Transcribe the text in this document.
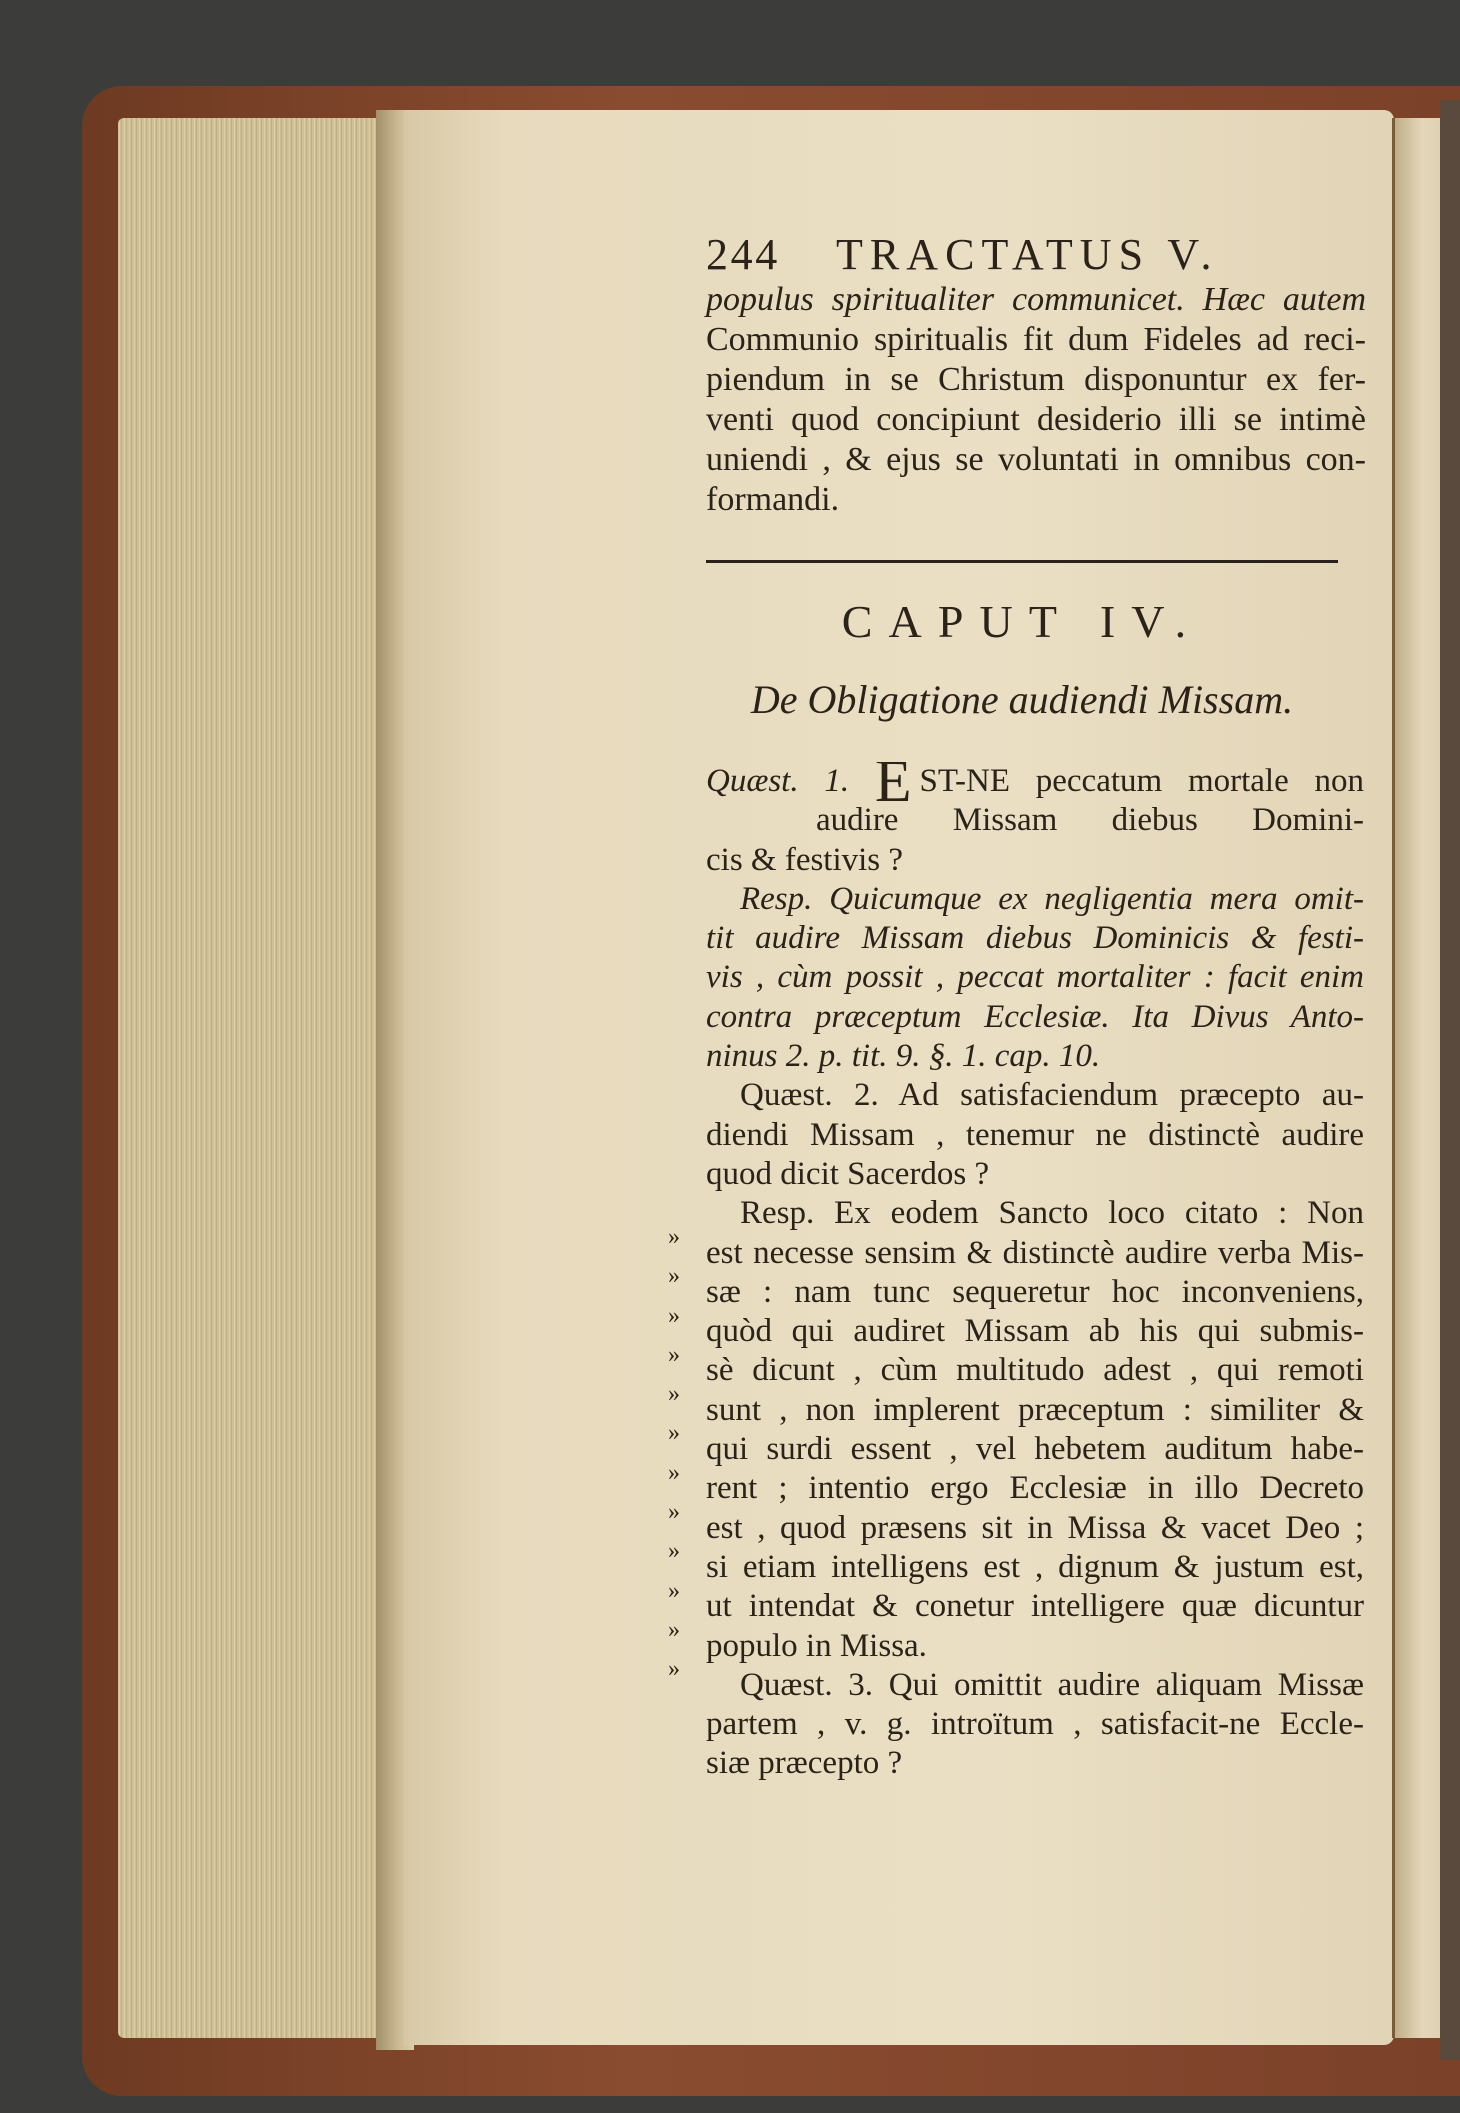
244	TRACTATUS V.
populus spiritualiter communicet. Hæc autem
Communio spiritualis fit dum Fideles ad reci-
piendum in se Christum disponuntur ex fer-
venti quod concipiunt desiderio illi se intimè
uniendi , & ejus se voluntati in omnibus con-
formandi.
CAPUT IV.
De Obligatione audiendi Missam.
Quæst. 1. E ST-NE peccatum mortale non
audire Missam diebus Domini-
cis & festivis ?
Resp. Quicumque ex negligentia mera omit-
tit audire Missam diebus Dominicis & festi-
vis , cùm possit , peccat mortaliter : facit enim
contra præceptum Ecclesiæ. Ita Divus Anto-
ninus 2. p. tit. 9. §. 1. cap. 10.
Quæst. 2. Ad satisfaciendum præcepto au-
diendi Missam , tenemur ne distinctè audire
quod dicit Sacerdos ?
Resp. Ex eodem Sancto loco citato : Non
est necesse sensim & distinctè audire verba Mis-
sæ : nam tunc sequeretur hoc inconveniens,
quòd qui audiret Missam ab his qui submis-
sè dicunt , cùm multitudo adest , qui remoti
sunt , non implerent præceptum : similiter &
qui surdi essent , vel hebetem auditum habe-
rent ; intentio ergo Ecclesiæ in illo Decreto
est , quod præsens sit in Missa & vacet Deo ;
si etiam intelligens est , dignum & justum est,
ut intendat & conetur intelligere quæ dicuntur
populo in Missa.
Quæst. 3. Qui omittit audire aliquam Missæ
partem , v. g. introïtum , satisfacit-ne Eccle-
siæ præcepto ?
»
»
»
»
»
»
»
»
»
»
»
»
